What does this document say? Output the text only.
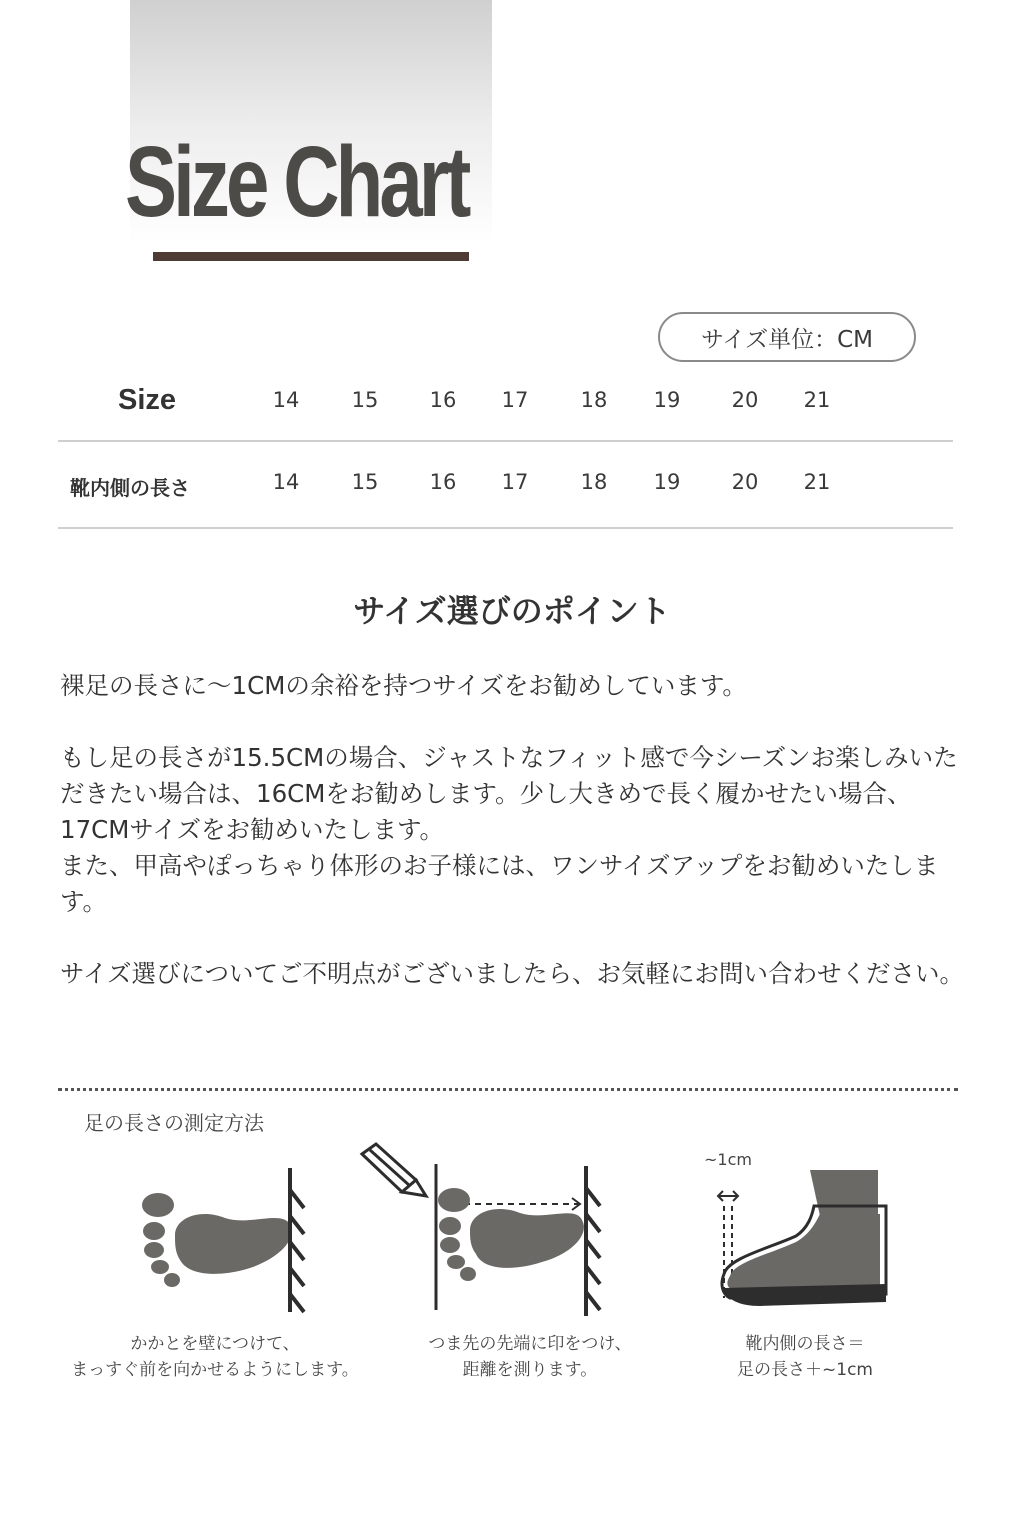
Size Chart
サイズ単位：CM
Size	14 15 16 17 18 19 20 21
靴内側の長さ	14 15 16 17 18 19 20 21
サイズ選びのポイント

裸足の長さに〜1CMの余裕を持つサイズをお勧めしています。

もし足の長さが15.5CMの場合、ジャストなフィット感で今シーズンお楽しみいただきたい場合は、16CMをお勧めします。少し大きめで長く履かせたい場合、17CMサイズをお勧めいたします。

また、甲高やぽっちゃり体形のお子様には、ワンサイズアップをお勧めいたします。

サイズ選びについてご不明点がございましたら、お気軽にお問い合わせください。

足の長さの測定方法
かかとを壁につけて、
まっすぐ前を向かせるようにします。
つま先の先端に印をつけ、
距離を測ります。
~1cm
靴内側の長さ＝
足の長さ＋~1cm
